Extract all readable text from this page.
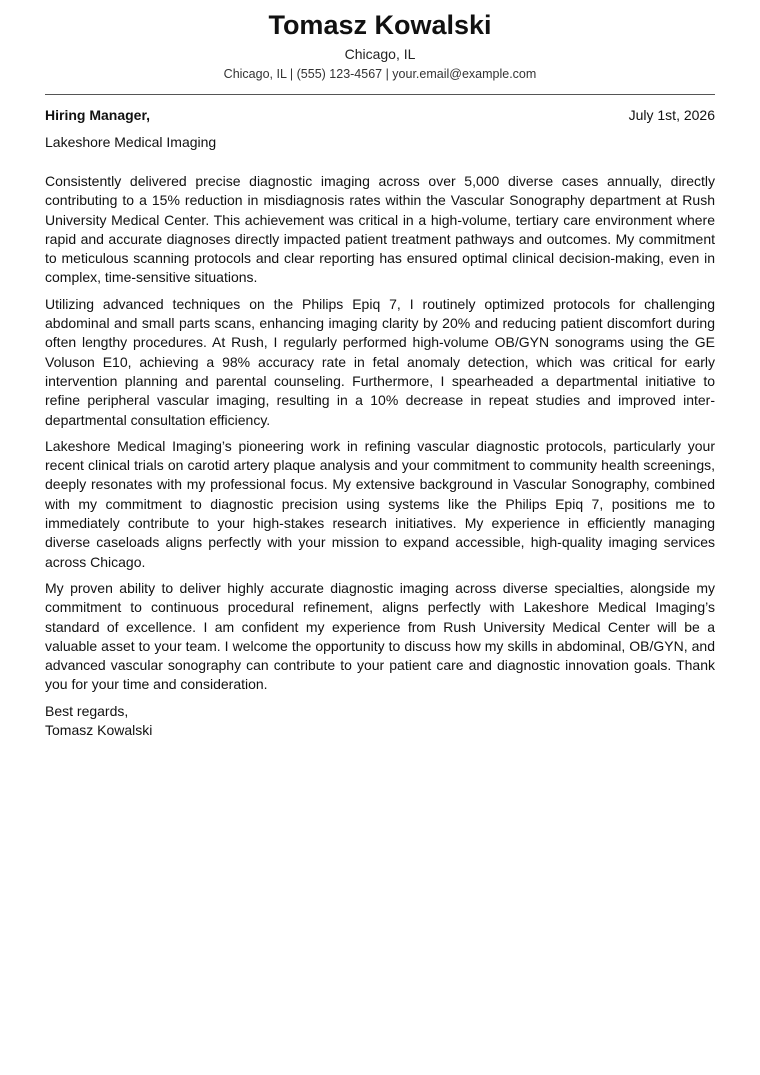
Tomasz Kowalski
Chicago, IL
Chicago, IL | (555) 123-4567 | your.email@example.com
Hiring Manager,	July 1st, 2026
Lakeshore Medical Imaging

Consistently delivered precise diagnostic imaging across over 5,000 diverse cases annually, directly contributing to a 15% reduction in misdiagnosis rates within the Vascular Sonography department at Rush University Medical Center. This achievement was critical in a high-volume, tertiary care environment where rapid and accurate diagnoses directly impacted patient treatment pathways and outcomes. My commitment to meticulous scanning protocols and clear reporting has ensured optimal clinical decision-making, even in complex, time-sensitive situations.

Utilizing advanced techniques on the Philips Epiq 7, I routinely optimized protocols for challenging abdominal and small parts scans, enhancing imaging clarity by 20% and reducing patient discomfort during often lengthy procedures. At Rush, I regularly performed high-volume OB/GYN sonograms using the GE Voluson E10, achieving a 98% accuracy rate in fetal anomaly detection, which was critical for early intervention planning and parental counseling. Furthermore, I spearheaded a departmental initiative to refine peripheral vascular imaging, resulting in a 10% decrease in repeat studies and improved inter-departmental consultation efficiency.

Lakeshore Medical Imaging’s pioneering work in refining vascular diagnostic protocols, particularly your recent clinical trials on carotid artery plaque analysis and your commitment to community health screenings, deeply resonates with my professional focus. My extensive background in Vascular Sonography, combined with my commitment to diagnostic precision using systems like the Philips Epiq 7, positions me to immediately contribute to your high-stakes research initiatives. My experience in efficiently managing diverse caseloads aligns perfectly with your mission to expand accessible, high-quality imaging services across Chicago.

My proven ability to deliver highly accurate diagnostic imaging across diverse specialties, alongside my commitment to continuous procedural refinement, aligns perfectly with Lakeshore Medical Imaging’s standard of excellence. I am confident my experience from Rush University Medical Center will be a valuable asset to your team. I welcome the opportunity to discuss how my skills in abdominal, OB/GYN, and advanced vascular sonography can contribute to your patient care and diagnostic innovation goals. Thank you for your time and consideration.

Best regards,
Tomasz Kowalski
